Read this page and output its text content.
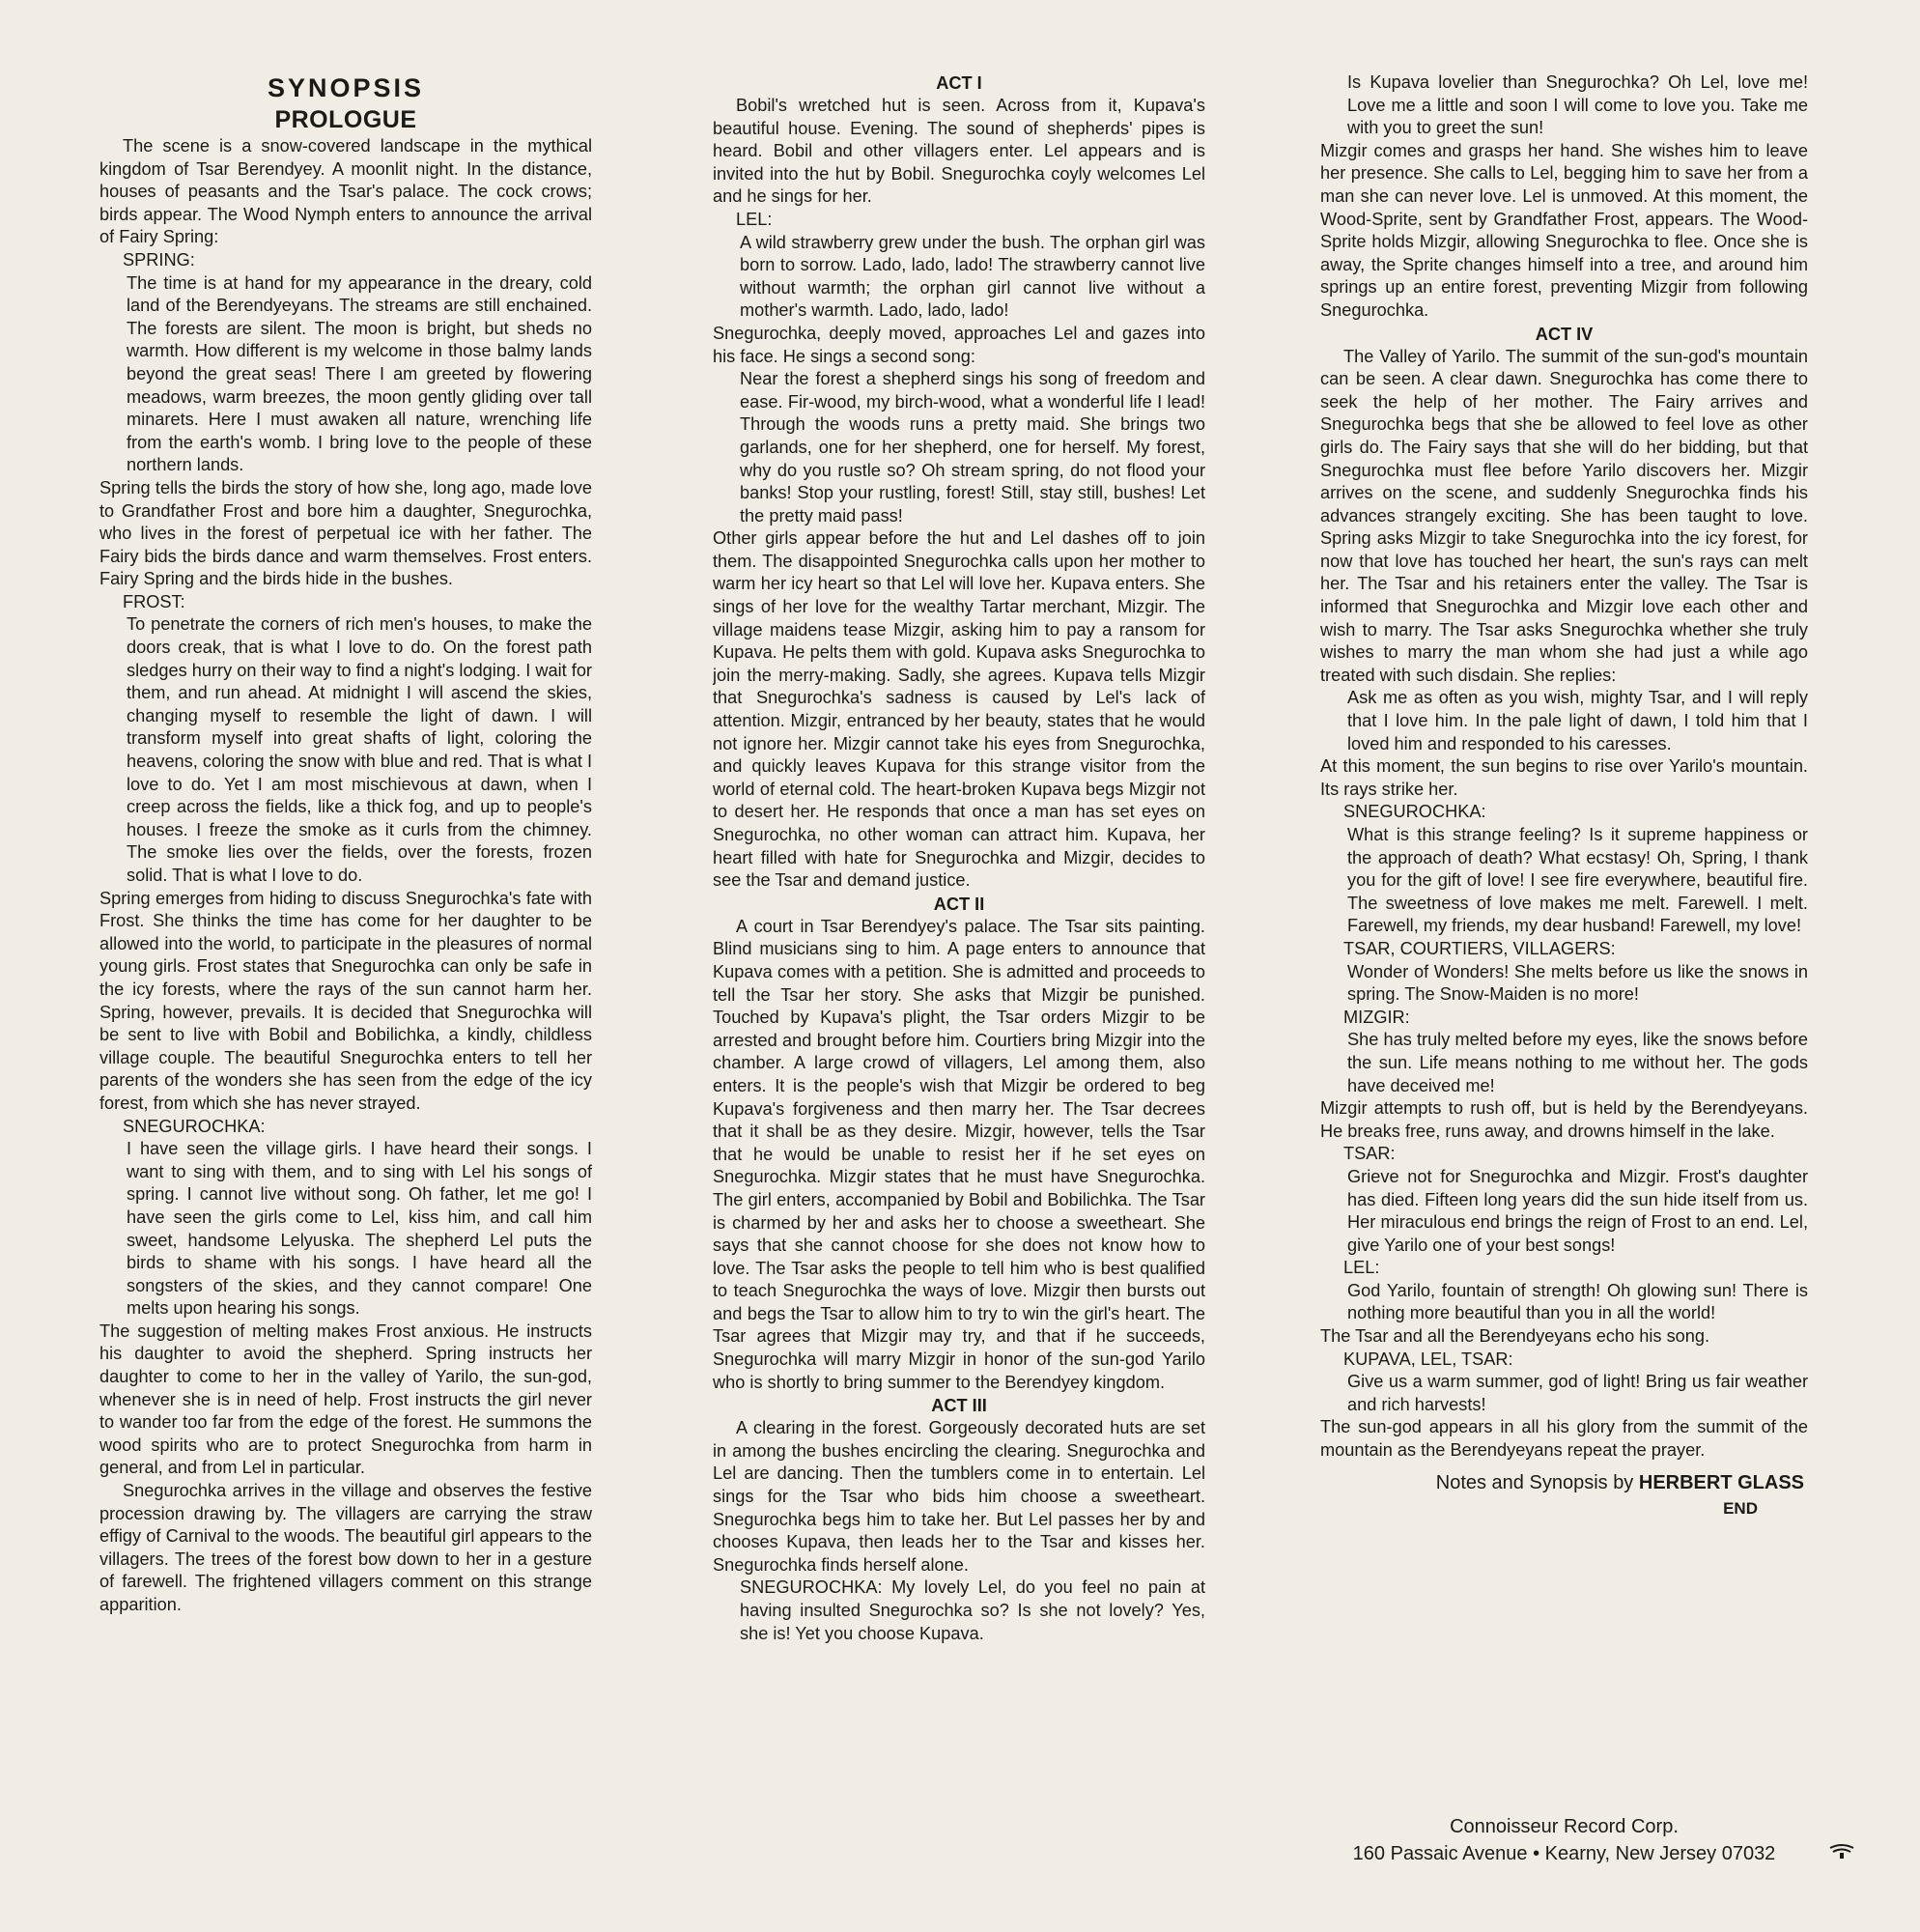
SYNOPSIS
PROLOGUE

The scene is a snow-covered landscape in the mythical kingdom of Tsar Berendyey. A moonlit night. In the distance, houses of peasants and the Tsar's palace. The cock crows; birds appear. The Wood Nymph enters to announce the arrival of Fairy Spring:

SPRING:

The time is at hand for my appearance in the dreary, cold land of the Berendyeyans. The streams are still enchained. The forests are silent. The moon is bright, but sheds no warmth. How different is my welcome in those balmy lands beyond the great seas! There I am greeted by flowering meadows, warm breezes, the moon gently gliding over tall minarets. Here I must awaken all nature, wrenching life from the earth's womb. I bring love to the people of these northern lands.

Spring tells the birds the story of how she, long ago, made love to Grandfather Frost and bore him a daughter, Snegurochka, who lives in the forest of perpetual ice with her father. The Fairy bids the birds dance and warm themselves. Frost enters. Fairy Spring and the birds hide in the bushes.

FROST:

To penetrate the corners of rich men's houses, to make the doors creak, that is what I love to do. On the forest path sledges hurry on their way to find a night's lodging. I wait for them, and run ahead. At midnight I will ascend the skies, changing myself to resemble the light of dawn. I will transform myself into great shafts of light, coloring the heavens, coloring the snow with blue and red. That is what I love to do. Yet I am most mischievous at dawn, when I creep across the fields, like a thick fog, and up to people's houses. I freeze the smoke as it curls from the chimney. The smoke lies over the fields, over the forests, frozen solid. That is what I love to do.

Spring emerges from hiding to discuss Snegurochka's fate with Frost. She thinks the time has come for her daughter to be allowed into the world, to participate in the pleasures of normal young girls. Frost states that Snegurochka can only be safe in the icy forests, where the rays of the sun cannot harm her. Spring, however, prevails. It is decided that Snegurochka will be sent to live with Bobil and Bobilichka, a kindly, childless village couple. The beautiful Snegurochka enters to tell her parents of the wonders she has seen from the edge of the icy forest, from which she has never strayed.

SNEGUROCHKA:

I have seen the village girls. I have heard their songs. I want to sing with them, and to sing with Lel his songs of spring. I cannot live without song. Oh father, let me go! I have seen the girls come to Lel, kiss him, and call him sweet, handsome Lelyuska. The shepherd Lel puts the birds to shame with his songs. I have heard all the songsters of the skies, and they cannot compare! One melts upon hearing his songs.

The suggestion of melting makes Frost anxious. He instructs his daughter to avoid the shepherd. Spring instructs her daughter to come to her in the valley of Yarilo, the sun-god, whenever she is in need of help. Frost instructs the girl never to wander too far from the edge of the forest. He summons the wood spirits who are to protect Snegurochka from harm in general, and from Lel in particular.

Snegurochka arrives in the village and observes the festive procession drawing by. The villagers are carrying the straw effigy of Carnival to the woods. The beautiful girl appears to the villagers. The trees of the forest bow down to her in a gesture of farewell. The frightened villagers comment on this strange apparition.

ACT I

Bobil's wretched hut is seen. Across from it, Kupava's beautiful house. Evening. The sound of shepherds' pipes is heard. Bobil and other villagers enter. Lel appears and is invited into the hut by Bobil. Snegurochka coyly welcomes Lel and he sings for her.

LEL:

A wild strawberry grew under the bush. The orphan girl was born to sorrow. Lado, lado, lado! The strawberry cannot live without warmth; the orphan girl cannot live without a mother's warmth. Lado, lado, lado!

Snegurochka, deeply moved, approaches Lel and gazes into his face. He sings a second song:

Near the forest a shepherd sings his song of freedom and ease. Fir-wood, my birch-wood, what a wonderful life I lead! Through the woods runs a pretty maid. She brings two garlands, one for her shepherd, one for herself. My forest, why do you rustle so? Oh stream spring, do not flood your banks! Stop your rustling, forest! Still, stay still, bushes! Let the pretty maid pass!

Other girls appear before the hut and Lel dashes off to join them. The disappointed Snegurochka calls upon her mother to warm her icy heart so that Lel will love her. Kupava enters. She sings of her love for the wealthy Tartar merchant, Mizgir. The village maidens tease Mizgir, asking him to pay a ransom for Kupava. He pelts them with gold. Kupava asks Snegurochka to join the merry-making. Sadly, she agrees. Kupava tells Mizgir that Snegurochka's sadness is caused by Lel's lack of attention. Mizgir, entranced by her beauty, states that he would not ignore her. Mizgir cannot take his eyes from Snegurochka, and quickly leaves Kupava for this strange visitor from the world of eternal cold. The heart-broken Kupava begs Mizgir not to desert her. He responds that once a man has set eyes on Snegurochka, no other woman can attract him. Kupava, her heart filled with hate for Snegurochka and Mizgir, decides to see the Tsar and demand justice.

ACT II

A court in Tsar Berendyey's palace. The Tsar sits painting. Blind musicians sing to him. A page enters to announce that Kupava comes with a petition. She is admitted and proceeds to tell the Tsar her story. She asks that Mizgir be punished. Touched by Kupava's plight, the Tsar orders Mizgir to be arrested and brought before him. Courtiers bring Mizgir into the chamber. A large crowd of villagers, Lel among them, also enters. It is the people's wish that Mizgir be ordered to beg Kupava's forgiveness and then marry her. The Tsar decrees that it shall be as they desire. Mizgir, however, tells the Tsar that he would be unable to resist her if he set eyes on Snegurochka. Mizgir states that he must have Snegurochka. The girl enters, accompanied by Bobil and Bobilichka. The Tsar is charmed by her and asks her to choose a sweetheart. She says that she cannot choose for she does not know how to love. The Tsar asks the people to tell him who is best qualified to teach Snegurochka the ways of love. Mizgir then bursts out and begs the Tsar to allow him to try to win the girl's heart. The Tsar agrees that Mizgir may try, and that if he succeeds, Snegurochka will marry Mizgir in honor of the sun-god Yarilo who is shortly to bring summer to the Berendyey kingdom.

ACT III

A clearing in the forest. Gorgeously decorated huts are set in among the bushes encircling the clearing. Snegurochka and Lel are dancing. Then the tumblers come in to entertain. Lel sings for the Tsar who bids him choose a sweetheart. Snegurochka begs him to take her. But Lel passes her by and chooses Kupava, then leads her to the Tsar and kisses her. Snegurochka finds herself alone.

SNEGUROCHKA: My lovely Lel, do you feel no pain at having insulted Snegurochka so? Is she not lovely? Yes, she is! Yet you choose Kupava.

Is Kupava lovelier than Snegurochka? Oh Lel, love me! Love me a little and soon I will come to love you. Take me with you to greet the sun!

Mizgir comes and grasps her hand. She wishes him to leave her presence. She calls to Lel, begging him to save her from a man she can never love. Lel is unmoved. At this moment, the Wood-Sprite, sent by Grandfather Frost, appears. The Wood-Sprite holds Mizgir, allowing Snegurochka to flee. Once she is away, the Sprite changes himself into a tree, and around him springs up an entire forest, preventing Mizgir from following Snegurochka.

ACT IV

The Valley of Yarilo. The summit of the sun-god's mountain can be seen. A clear dawn. Snegurochka has come there to seek the help of her mother. The Fairy arrives and Snegurochka begs that she be allowed to feel love as other girls do. The Fairy says that she will do her bidding, but that Snegurochka must flee before Yarilo discovers her. Mizgir arrives on the scene, and suddenly Snegurochka finds his advances strangely exciting. She has been taught to love. Spring asks Mizgir to take Snegurochka into the icy forest, for now that love has touched her heart, the sun's rays can melt her. The Tsar and his retainers enter the valley. The Tsar is informed that Snegurochka and Mizgir love each other and wish to marry. The Tsar asks Snegurochka whether she truly wishes to marry the man whom she had just a while ago treated with such disdain. She replies:

Ask me as often as you wish, mighty Tsar, and I will reply that I love him. In the pale light of dawn, I told him that I loved him and responded to his caresses.

At this moment, the sun begins to rise over Yarilo's mountain. Its rays strike her.

SNEGUROCHKA:

What is this strange feeling? Is it supreme happiness or the approach of death? What ecstasy! Oh, Spring, I thank you for the gift of love! I see fire everywhere, beautiful fire. The sweetness of love makes me melt. Farewell. I melt. Farewell, my friends, my dear husband! Farewell, my love!

TSAR, COURTIERS, VILLAGERS:

Wonder of Wonders! She melts before us like the snows in spring. The Snow-Maiden is no more!

MIZGIR:

She has truly melted before my eyes, like the snows before the sun. Life means nothing to me without her. The gods have deceived me!

Mizgir attempts to rush off, but is held by the Berendyeyans. He breaks free, runs away, and drowns himself in the lake.

TSAR:

Grieve not for Snegurochka and Mizgir. Frost's daughter has died. Fifteen long years did the sun hide itself from us. Her miraculous end brings the reign of Frost to an end. Lel, give Yarilo one of your best songs!

LEL:

God Yarilo, fountain of strength! Oh glowing sun! There is nothing more beautiful than you in all the world!

The Tsar and all the Berendyeyans echo his song.

KUPAVA, LEL, TSAR:

Give us a warm summer, god of light! Bring us fair weather and rich harvests!

The sun-god appears in all his glory from the summit of the mountain as the Berendyeyans repeat the prayer.

Notes and Synopsis by HERBERT GLASS

END

Connoisseur Record Corp.
160 Passaic Avenue • Kearny, New Jersey 07032
